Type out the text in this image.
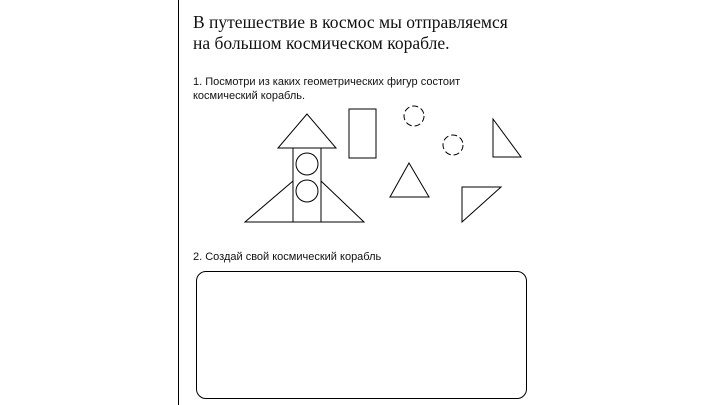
В путешествие в космос мы отправляемся
на большом космическом корабле.
1. Посмотри из каких геометрических фигур состоит
космический корабль.
2. Создай свой космический корабль
